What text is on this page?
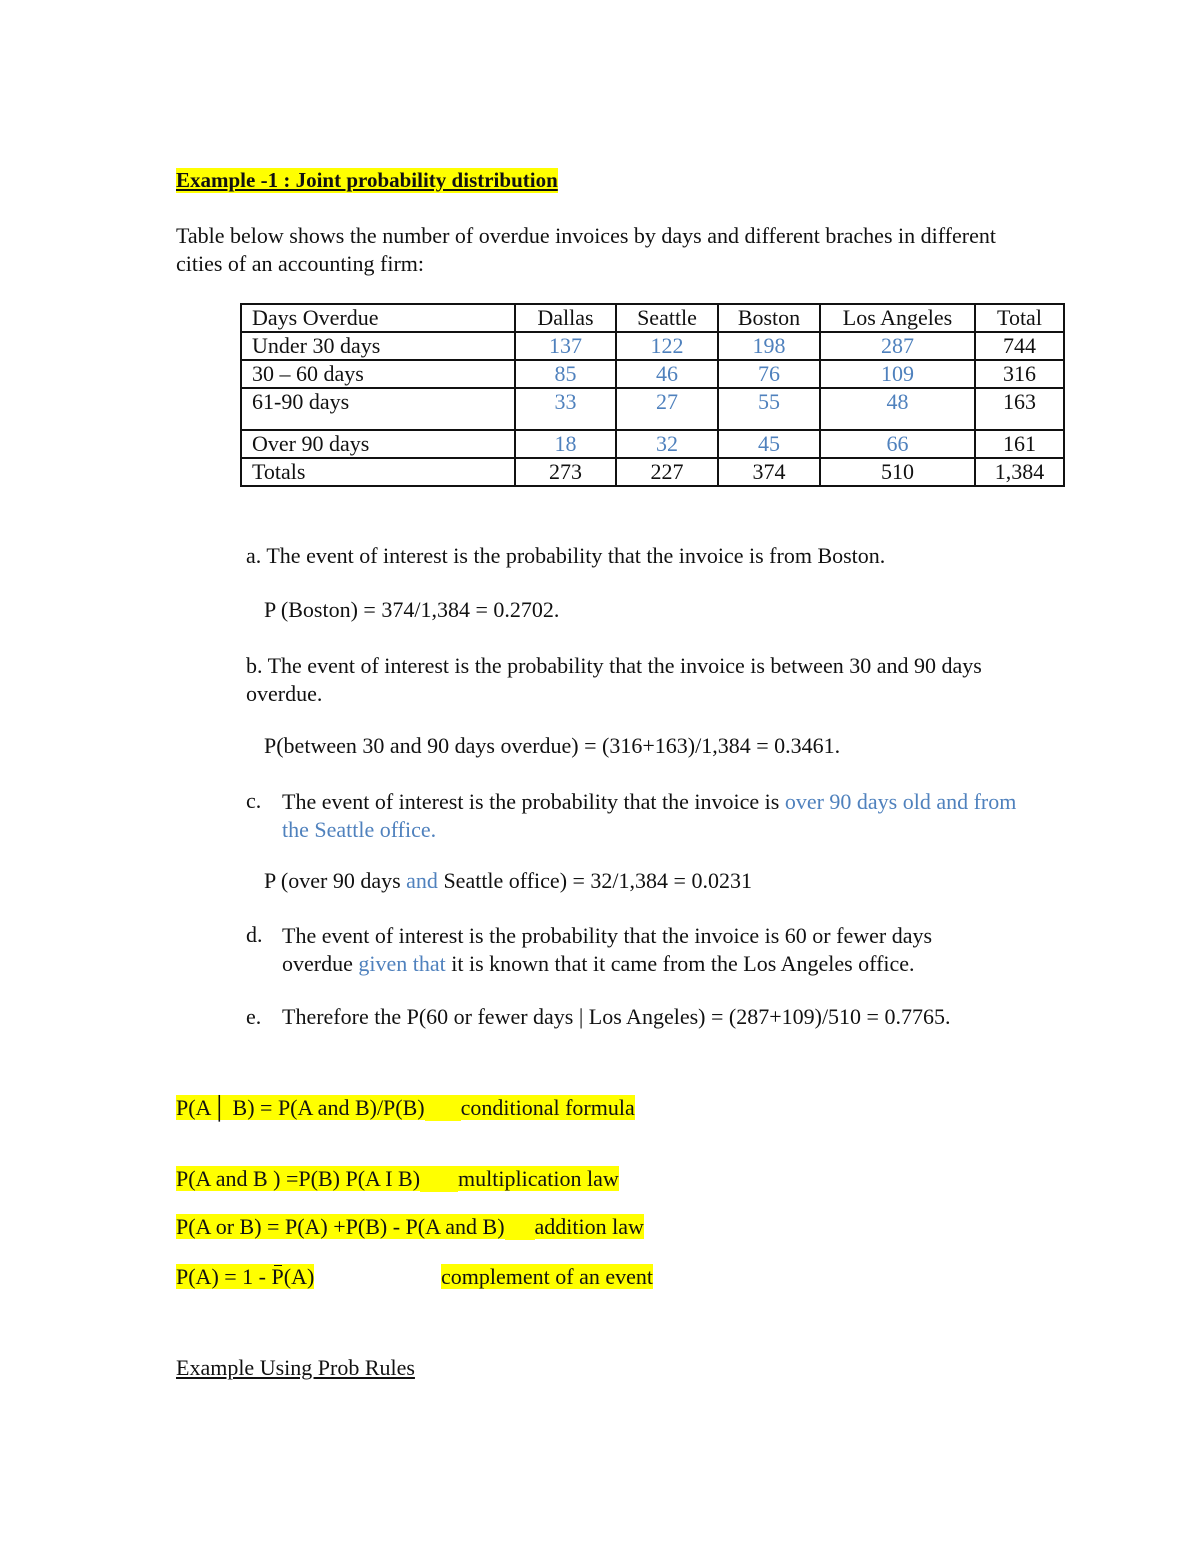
Example -1 : Joint probability distribution
Table below shows the number of overdue invoices by days and different braches in different cities of an accounting firm:
Days Overdue	Dallas	Seattle	Boston	Los Angeles	Total
Under 30 days	137	122	198	287	744
30 – 60 days	85	46	76	109	316
61-90 days	33	27	55	48	163
Over 90 days	18	32	45	66	161
Totals	273	227	374	510	1,384
a. The event of interest is the probability that the invoice is from Boston.
P (Boston) = 374/1,384 = 0.2702.
b. The event of interest is the probability that the invoice is between 30 and 90 days overdue.
P(between 30 and 90 days overdue) = (316+163)/1,384 = 0.3461.
c. The event of interest is the probability that the invoice is over 90 days old and from the Seattle office.
P (over 90 days and Seattle office) = 32/1,384 = 0.0231
d. The event of interest is the probability that the invoice is 60 or fewer days overdue given that it is known that it came from the Los Angeles office.
e. Therefore the P(60 or fewer days | Los Angeles) = (287+109)/510 = 0.7765.
P(A│ B) = P(A and B)/P(B) conditional formula
P(A and B ) =P(B) P(A I B) multiplication law
P(A or B) = P(A) +P(B) - P(A and B) addition law
P(A) = 1 - P(A)	complement of an event
Example Using Prob Rules
